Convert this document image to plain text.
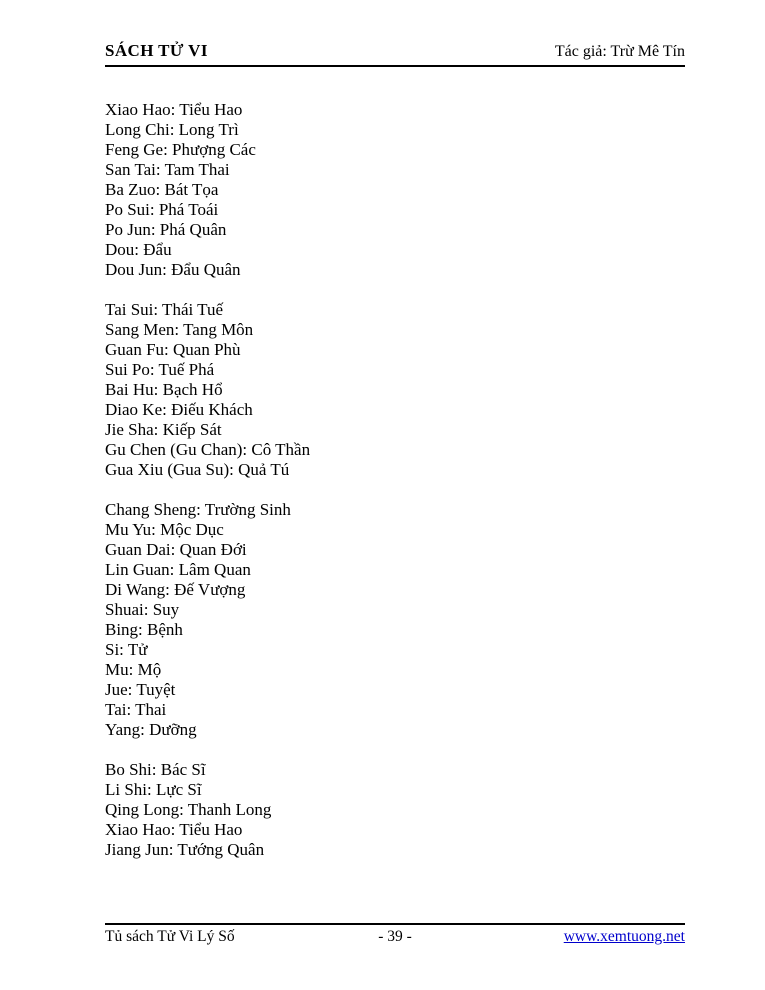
SÁCH TỬ VI	Tác giả: Trừ Mê Tín
Xiao Hao: Tiểu Hao
Long Chi: Long Trì
Feng Ge: Phượng Các
San Tai: Tam Thai
Ba Zuo: Bát Tọa
Po Sui: Phá Toái
Po Jun: Phá Quân
Dou: Đẩu
Dou Jun: Đẩu Quân
Tai Sui: Thái Tuế
Sang Men: Tang Môn
Guan Fu: Quan Phù
Sui Po: Tuế Phá
Bai Hu: Bạch Hổ
Diao Ke: Điếu Khách
Jie Sha: Kiếp Sát
Gu Chen (Gu Chan): Cô Thần
Gua Xiu (Gua Su): Quả Tú
Chang Sheng: Trường Sinh
Mu Yu: Mộc Dục
Guan Dai: Quan Đới
Lin Guan: Lâm Quan
Di Wang: Đế Vượng
Shuai: Suy
Bing: Bệnh
Si: Tử
Mu: Mộ
Jue: Tuyệt
Tai: Thai
Yang: Dưỡng
Bo Shi: Bác Sĩ
Li Shi: Lực Sĩ
Qing Long: Thanh Long
Xiao Hao: Tiểu Hao
Jiang Jun: Tướng Quân
Tủ sách Tử Vi Lý Số	- 39 -	www.xemtuong.net
